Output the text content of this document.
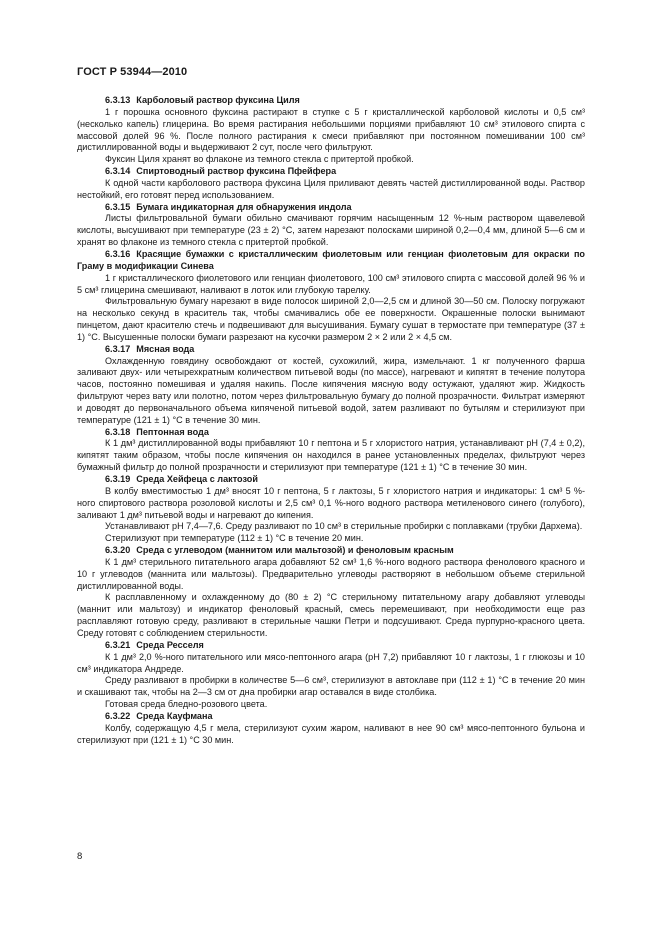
ГОСТ Р 53944—2010

6.3.13 Карболовый раствор фуксина Циля

1 г порошка основного фуксина растирают в ступке с 5 г кристаллической карболовой кислоты и 0,5 см³ (несколько капель) глицерина. Во время растирания небольшими порциями прибавляют 10 см³ этилового спирта с массовой долей 96 %. После полного растирания к смеси прибавляют при постоянном помешивании 100 см³ дистиллированной воды и выдерживают 2 сут, после чего фильтруют.

Фуксин Циля хранят во флаконе из темного стекла с притертой пробкой.

6.3.14 Спиртоводный раствор фуксина Пфейфера

К одной части карболового раствора фуксина Циля приливают девять частей дистиллированной воды. Раствор нестойкий, его готовят перед использованием.

6.3.15 Бумага индикаторная для обнаружения индола

Листы фильтровальной бумаги обильно смачивают горячим насыщенным 12 %-ным раствором щавелевой кислоты, высушивают при температуре (23 ± 2) °С, затем нарезают полосками шириной 0,2—0,4 мм, длиной 5—6 см и хранят во флаконе из темного стекла с притертой пробкой.

6.3.16 Красящие бумажки с кристаллическим фиолетовым или генциан фиолетовым для окраски по Граму в модификации Синева

1 г кристаллического фиолетового или генциан фиолетового, 100 см³ этилового спирта с массовой долей 96 % и 5 см³ глицерина смешивают, наливают в лоток или глубокую тарелку.

Фильтровальную бумагу нарезают в виде полосок шириной 2,0—2,5 см и длиной 30—50 см. Полоску погружают на несколько секунд в краситель так, чтобы смачивались обе ее поверхности. Окрашенные полоски вынимают пинцетом, дают красителю стечь и подвешивают для высушивания. Бумагу сушат в термостате при температуре (37 ± 1) °С. Высушенные полоски бумаги разрезают на кусочки размером 2 × 2 или 2 × 4,5 см.

6.3.17 Мясная вода

Охлажденную говядину освобождают от костей, сухожилий, жира, измельчают. 1 кг полученного фарша заливают двух- или четырехкратным количеством питьевой воды (по массе), нагревают и кипятят в течение полутора часов, постоянно помешивая и удаляя накипь. После кипячения мясную воду остужают, удаляют жир. Жидкость фильтруют через вату или полотно, потом через фильтровальную бумагу до полной прозрачности. Фильтрат измеряют и доводят до первоначального объема кипяченой питьевой водой, затем разливают по бутылям и стерилизуют при температуре (121 ± 1) °С в течение 30 мин.

6.3.18 Пептонная вода

К 1 дм³ дистиллированной воды прибавляют 10 г пептона и 5 г хлористого натрия, устанавливают рН (7,4 ± 0,2), кипятят таким образом, чтобы после кипячения он находился в ранее установленных пределах, фильтруют через бумажный фильтр до полной прозрачности и стерилизуют при температуре (121 ± 1) °С в течение 30 мин.

6.3.19 Среда Хейфеца с лактозой

В колбу вместимостью 1 дм³ вносят 10 г пептона, 5 г лактозы, 5 г хлористого натрия и индикаторы: 1 см³ 5 %-ного спиртового раствора розоловой кислоты и 2,5 см³ 0,1 %-ного водного раствора метиленового синего (голубого), заливают 1 дм³ питьевой воды и нагревают до кипения.

Устанавливают рН 7,4—7,6. Среду разливают по 10 см³ в стерильные пробирки с поплавками (трубки Дархема).

Стерилизуют при температуре (112 ± 1) °С в течение 20 мин.

6.3.20 Среда с углеводом (маннитом или мальтозой) и феноловым красным

К 1 дм³ стерильного питательного агара добавляют 52 см³ 1,6 %-ного водного раствора фенолового красного и 10 г углеводов (маннита или мальтозы). Предварительно углеводы растворяют в небольшом объеме стерильной дистиллированной воды.

К расплавленному и охлажденному до (80 ± 2) °С стерильному питательному агару добавляют углеводы (маннит или мальтозу) и индикатор феноловый красный, смесь перемешивают, при необходимости еще раз расплавляют готовую среду, разливают в стерильные чашки Петри и подсушивают. Среда пурпурно-красного цвета. Среду готовят с соблюдением стерильности.

6.3.21 Среда Ресселя

К 1 дм³ 2,0 %-ного питательного или мясо-пептонного агара (рН 7,2) прибавляют 10 г лактозы, 1 г глюкозы и 10 см³ индикатора Андреде.

Среду разливают в пробирки в количестве 5—6 см³, стерилизуют в автоклаве при (112 ± 1) °С в течение 20 мин и скашивают так, чтобы на 2—3 см от дна пробирки агар оставался в виде столбика.

Готовая среда бледно-розового цвета.

6.3.22 Среда Кауфмана

Колбу, содержащую 4,5 г мела, стерилизуют сухим жаром, наливают в нее 90 см³ мясо-пептонного бульона и стерилизуют при (121 ± 1) °С 30 мин.

8
